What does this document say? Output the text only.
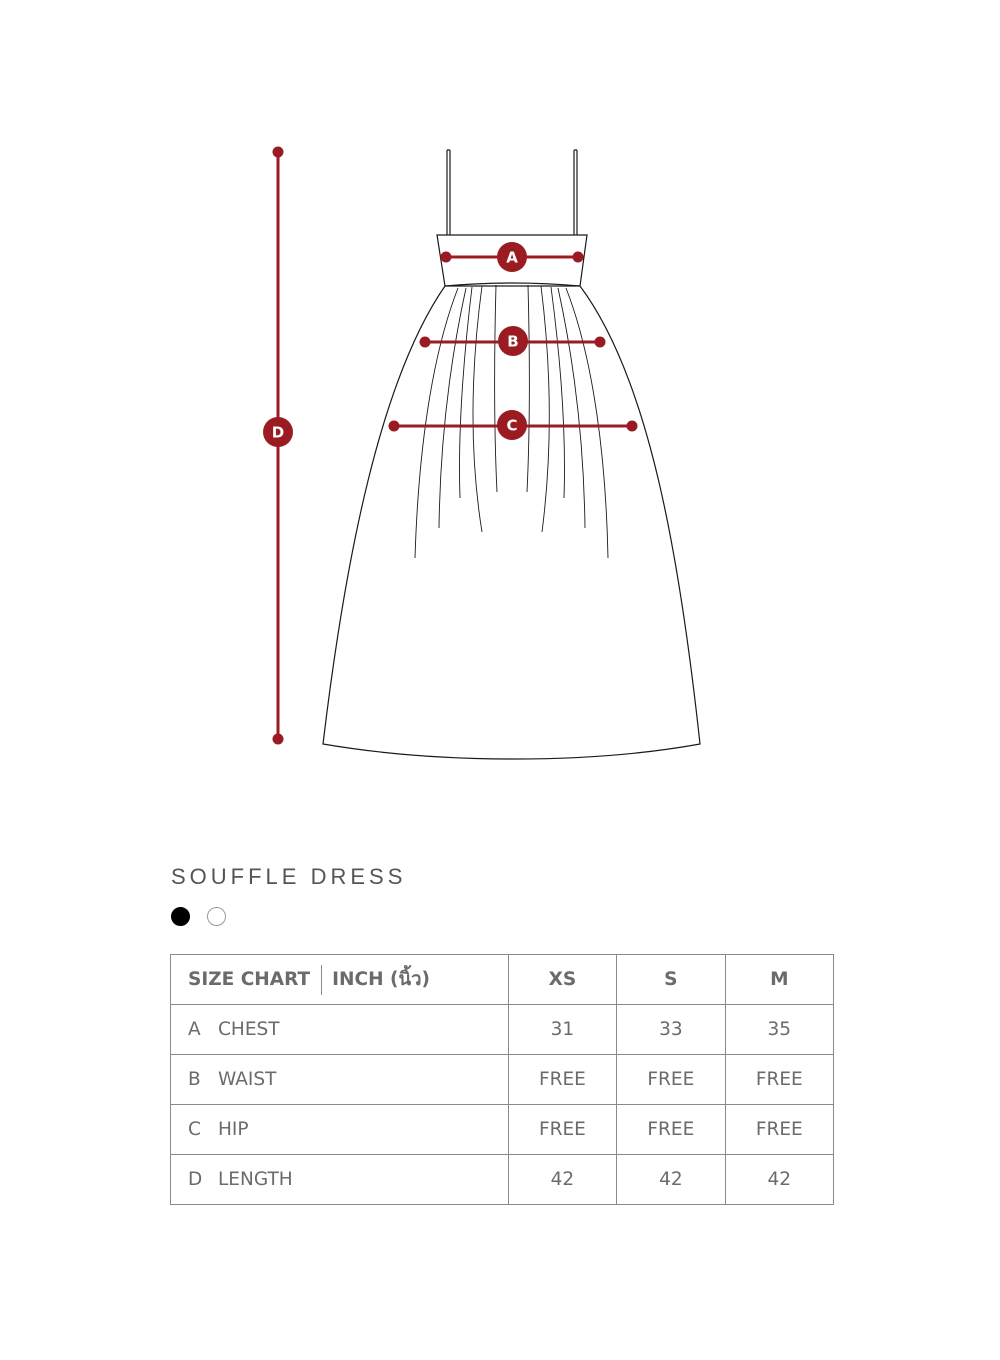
A
B
C
D
SOUFFLE DRESS
SIZE CHART INCH (นิ้ว)	XS	S	M
A CHEST	31	33	35
B WAIST	FREE	FREE	FREE
C HIP	FREE	FREE	FREE
D LENGTH	42	42	42
